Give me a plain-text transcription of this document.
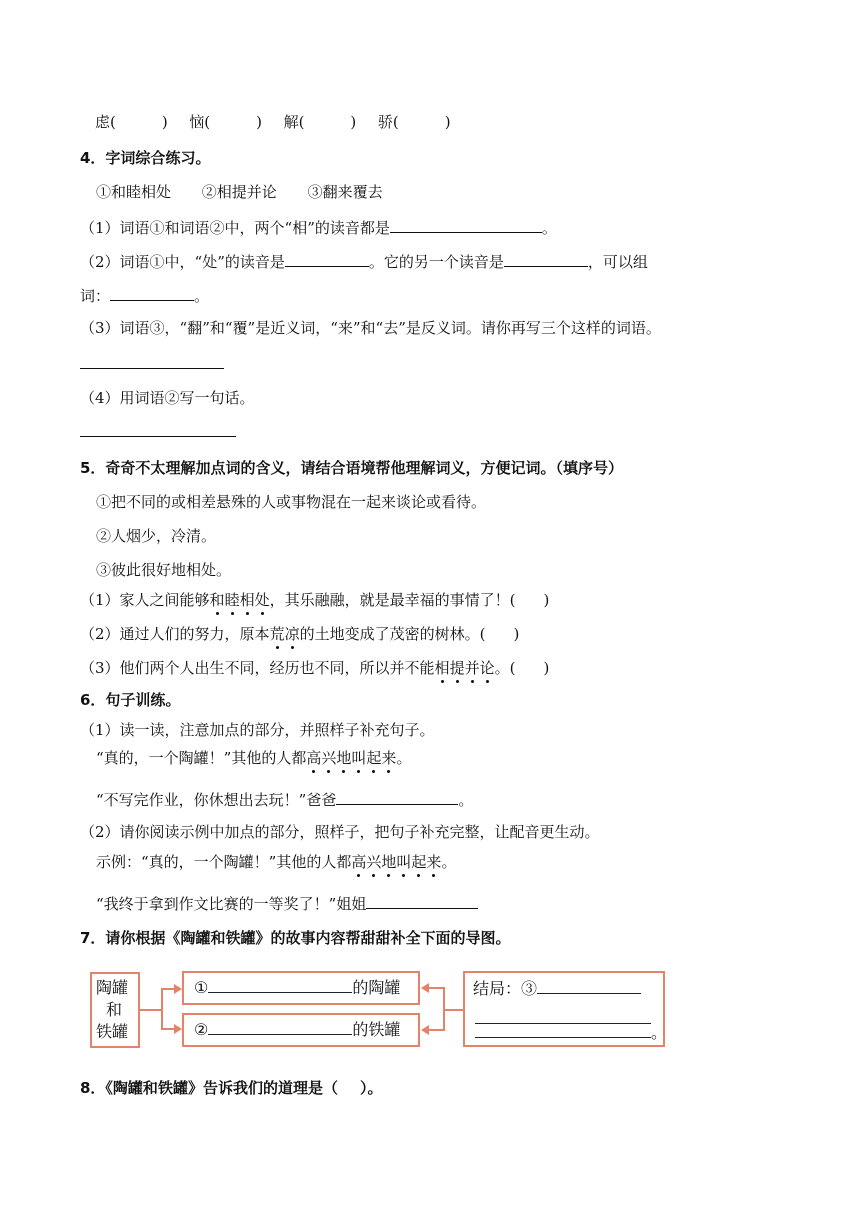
虑(	) 恼(	) 解(	) 骄(	)
4．字词综合练习。
①和睦相处 ②相提并论 ③翻来覆去
（1）词语①和词语②中，两个“相”的读音都是	。
（2）词语①中，“处”的读音是	。它的另一个读音是	，可以组
词：	。
（3）词语③，“翻”和“覆”是近义词，“来”和“去”是反义词。请你再写三个这样的词语。
（4）用词语②写一句话。
5．奇奇不太理解加点词的含义，请结合语境帮他理解词义，方便记词。（填序号）
①把不同的或相差悬殊的人或事物混在一起来谈论或看待。
②人烟少，冷清。
③彼此很好地相处。
（1）家人之间能够和睦相处，其乐融融，就是最幸福的事情了！( )
（2）通过人们的努力，原本荒凉的土地变成了茂密的树林。( )
（3）他们两个人出生不同，经历也不同，所以并不能相提并论。( )
6．句子训练。
（1）读一读，注意加点的部分，并照样子补充句子。
“真的，一个陶罐！”其他的人都高兴地叫起来。
“不写完作业，你休想出去玩！”爸爸	。
（2）请你阅读示例中加点的部分，照样子，把句子补充完整，让配音更生动。
示例：“真的，一个陶罐！”其他的人都高兴地叫起来。
“我终于拿到作文比赛的一等奖了！”姐姐
7．请你根据《陶罐和铁罐》的故事内容帮甜甜补全下面的导图。
陶罐
和
铁罐
①	的陶罐
②	的铁罐
结局：③
。
8．《陶罐和铁罐》告诉我们的道理是（ ）。
